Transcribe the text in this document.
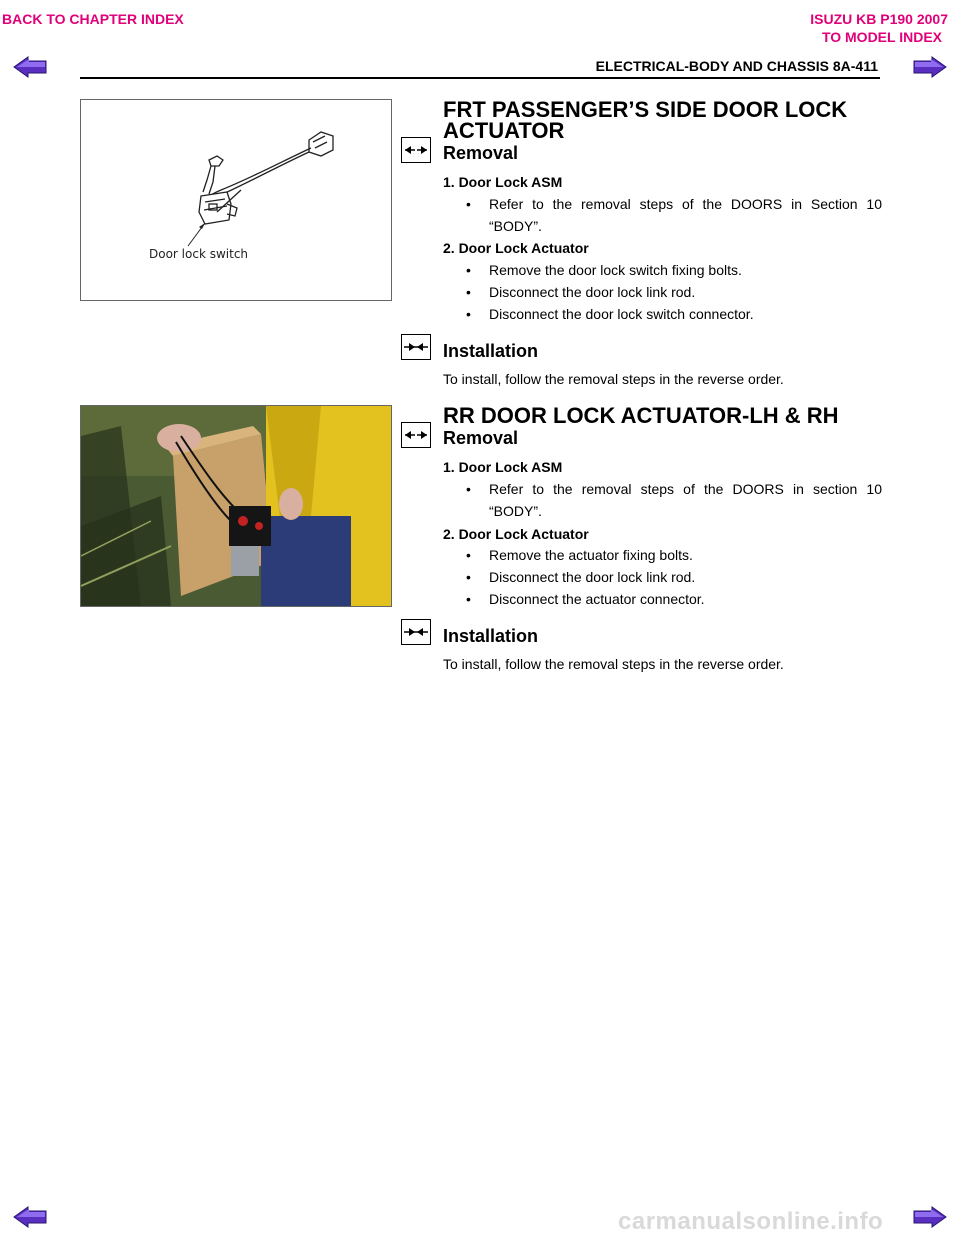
BACK TO CHAPTER INDEX	ISUZU KB P190 2007
TO MODEL INDEX
ELECTRICAL-BODY AND CHASSIS 8A-411
Door lock switch
FRT PASSENGER’S SIDE DOOR LOCK ACTUATOR
Removal
1. Door Lock ASM
• Refer to the removal steps of the DOORS in Section 10 “BODY”.
2. Door Lock Actuator
• Remove the door lock switch fixing bolts.
• Disconnect the door lock link rod.
• Disconnect the door lock switch connector.
Installation
To install, follow the removal steps in the reverse order.
RR DOOR LOCK ACTUATOR-LH & RH
Removal
1. Door Lock ASM
• Refer to the removal steps of the DOORS in section 10 “BODY”.
2. Door Lock Actuator
• Remove the actuator fixing bolts.
• Disconnect the door lock link rod.
• Disconnect the actuator connector.
Installation
To install, follow the removal steps in the reverse order.
carmanualsonline.info
